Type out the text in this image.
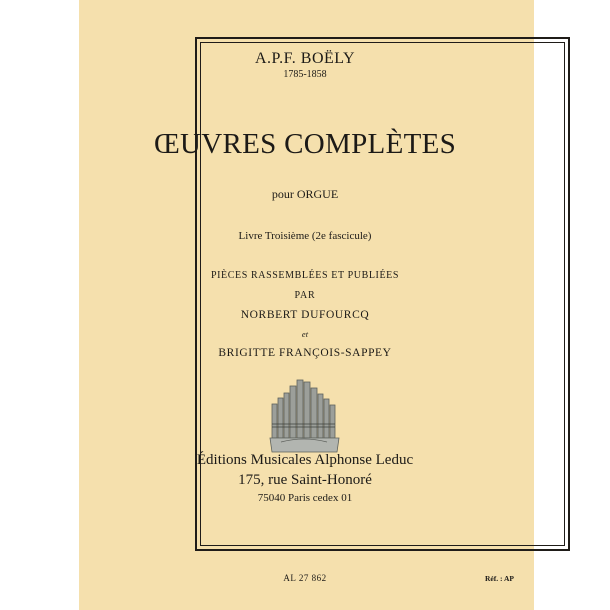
A.P.F. BOËLY
1785-1858
ŒUVRES COMPLÈTES
pour ORGUE
Livre Troisième (2e fascicule)
PIÈCES RASSEMBLÉES ET PUBLIÉES
PAR
NORBERT DUFOURCQ
et
BRIGITTE FRANÇOIS-SAPPEY
Éditions Musicales Alphonse Leduc
175, rue Saint-Honoré
75040 Paris cedex 01
AL 27 862	Réf. : AP
